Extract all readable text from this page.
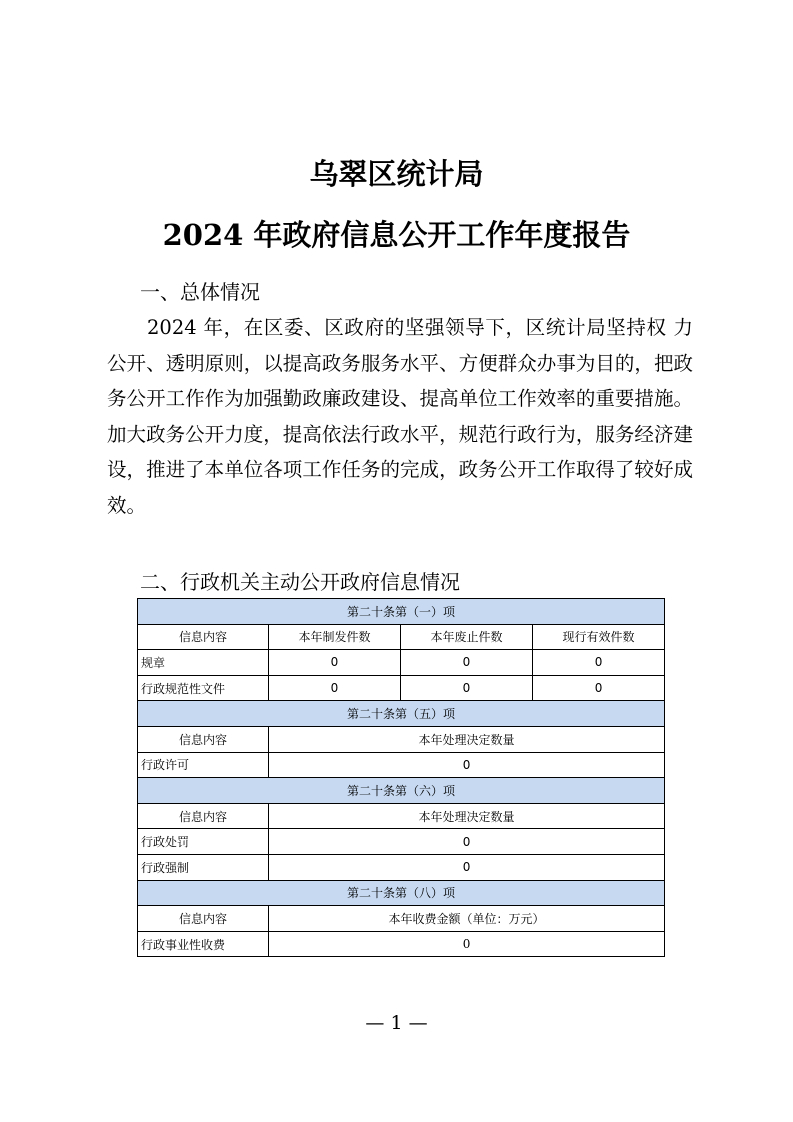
乌翠区统计局
2024 年政府信息公开工作年度报告
一、总体情况
2024 年，在区委、区政府的坚强领导下，区统计局坚持权 力公开、透明原则，以提高政务服务水平、方便群众办事为目的，把政务公开工作作为加强勤政廉政建设、提高单位工作效率的重要措施。加大政务公开力度，提高依法行政水平，规范行政行为，服务经济建设，推进了本单位各项工作任务的完成，政务公开工作取得了较好成效。
二、行政机关主动公开政府信息情况
第二十条第（一）项			
信息内容	本年制发件数	本年废止件数	现行有效件数
规章	0	0	0
行政规范性文件	0	0	0
第二十条第（五）项			
信息内容	本年处理决定数量		
行政许可	0		
第二十条第（六）项			
信息内容	本年处理决定数量		
行政处罚	0		
行政强制	0		
第二十条第（八）项			
信息内容	本年收费金额（单位：万元）		
行政事业性收费	0		
— 1 —
